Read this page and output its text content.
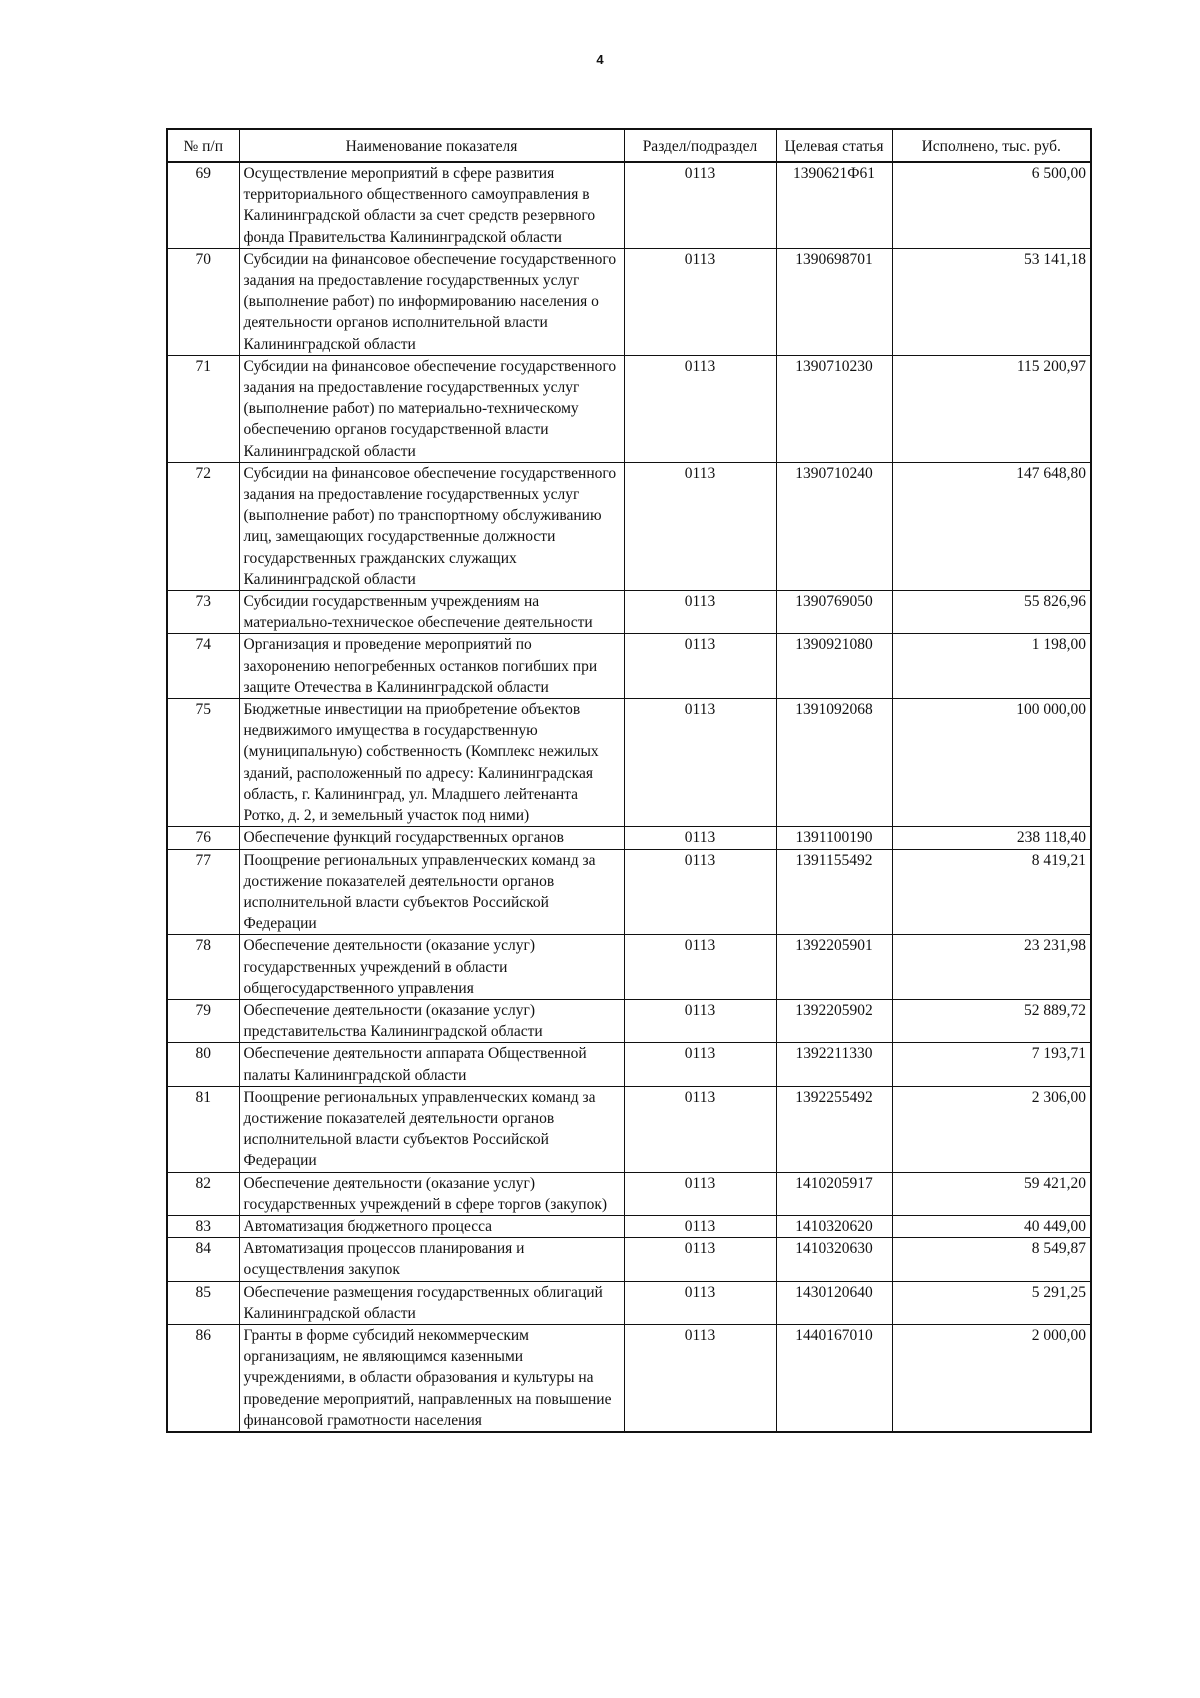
4
№ п/п	Наименование показателя	Раздел/подраздел	Целевая статья	Исполнено, тыс. руб.
69	Осуществление мероприятий в сфере развития территориального общественного самоуправления в Калининградской области за счет средств резервного фонда Правительства Калининградской области	0113	1390621Ф61	6 500,00
70	Субсидии на финансовое обеспечение государственного задания на предоставление государственных услуг (выполнение работ) по информированию населения о деятельности органов исполнительной власти Калининградской области	0113	1390698701	53 141,18
71	Субсидии на финансовое обеспечение государственного задания на предоставление государственных услуг (выполнение работ) по материально-техническому обеспечению органов государственной власти Калининградской области	0113	1390710230	115 200,97
72	Субсидии на финансовое обеспечение государственного задания на предоставление государственных услуг (выполнение работ) по транспортному обслуживанию лиц, замещающих государственные должности государственных гражданских служащих Калининградской области	0113	1390710240	147 648,80
73	Субсидии государственным учреждениям на материально-техническое обеспечение деятельности	0113	1390769050	55 826,96
74	Организация и проведение мероприятий по захоронению непогребенных останков погибших при защите Отечества в Калининградской области	0113	1390921080	1 198,00
75	Бюджетные инвестиции на приобретение объектов недвижимого имущества в государственную (муниципальную) собственность (Комплекс нежилых зданий, расположенный по адресу: Калининградская область, г. Калининград, ул. Младшего лейтенанта Ротко, д. 2, и земельный участок под ними)	0113	1391092068	100 000,00
76	Обеспечение функций государственных органов	0113	1391100190	238 118,40
77	Поощрение региональных управленческих команд за достижение показателей деятельности органов исполнительной власти субъектов Российской Федерации	0113	1391155492	8 419,21
78	Обеспечение деятельности (оказание услуг) государственных учреждений в области общегосударственного управления	0113	1392205901	23 231,98
79	Обеспечение деятельности (оказание услуг) представительства Калининградской области	0113	1392205902	52 889,72
80	Обеспечение деятельности аппарата Общественной палаты Калининградской области	0113	1392211330	7 193,71
81	Поощрение региональных управленческих команд за достижение показателей деятельности органов исполнительной власти субъектов Российской Федерации	0113	1392255492	2 306,00
82	Обеспечение деятельности (оказание услуг) государственных учреждений в сфере торгов (закупок)	0113	1410205917	59 421,20
83	Автоматизация бюджетного процесса	0113	1410320620	40 449,00
84	Автоматизация процессов планирования и осуществления закупок	0113	1410320630	8 549,87
85	Обеспечение размещения государственных облигаций Калининградской области	0113	1430120640	5 291,25
86	Гранты в форме субсидий некоммерческим организациям, не являющимся казенными учреждениями, в области образования и культуры на проведение мероприятий, направленных на повышение финансовой грамотности населения	0113	1440167010	2 000,00
